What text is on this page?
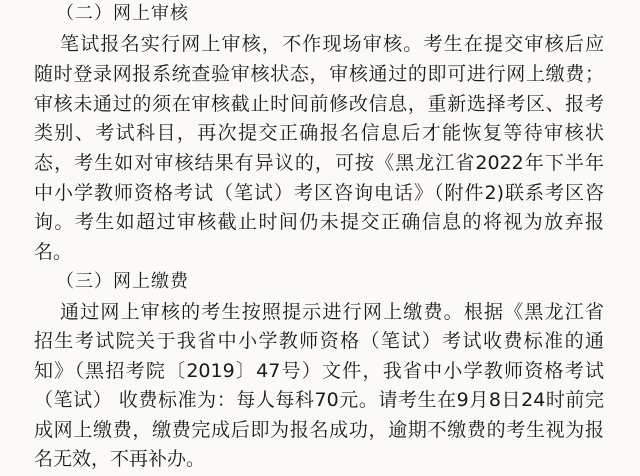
（二）网上审核
笔试报名实行网上审核，不作现场审核。考生在提交审核后应
随时登录网报系统查验审核状态，审核通过的即可进行网上缴费；
审核未通过的须在审核截止时间前修改信息，重新选择考区、报考
类别、考试科目，再次提交正确报名信息后才能恢复等待审核状
态，考生如对审核结果有异议的，可按《黑龙江省2022年下半年
中小学教师资格考试（笔试）考区咨询电话》（附件2)联系考区咨
询。考生如超过审核截止时间仍未提交正确信息的将视为放弃报
名。
（三）网上缴费
通过网上审核的考生按照提示进行网上缴费。根据《黑龙江省
招生考试院关于我省中小学教师资格（笔试）考试收费标准的通
知》（黑招考院〔2019〕47号）文件，我省中小学教师资格考试
（笔试） 收费标准为：每人每科70元。请考生在9月8日24时前完
成网上缴费，缴费完成后即为报名成功，逾期不缴费的考生视为报
名无效，不再补办。
